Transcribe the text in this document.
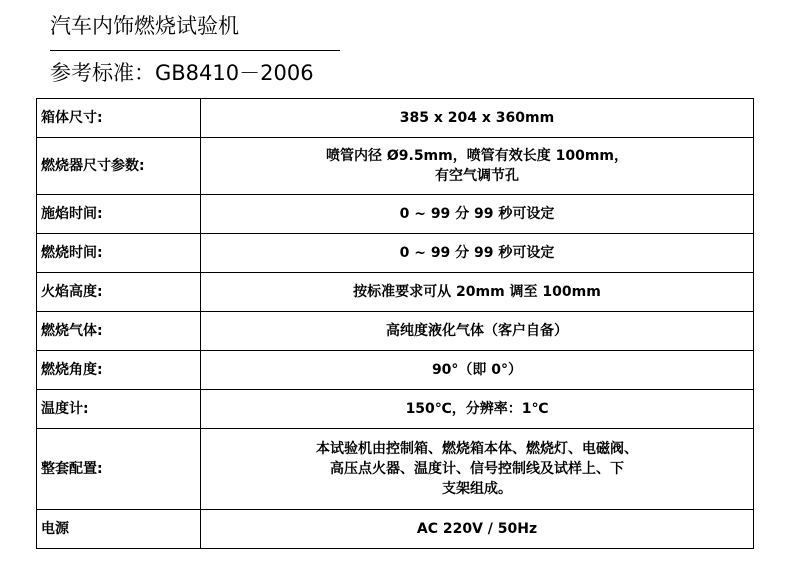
汽车内饰燃烧试验机
参考标准：GB8410－2006
箱体尺寸:	385 x 204 x 360mm

燃烧器尺寸参数:	喷管内径 Ø9.5mm，喷管有效长度 100mm，
有空气调节孔

施焰时间:	0 ~ 99 分 99 秒可设定

燃烧时间:	0 ~ 99 分 99 秒可设定

火焰高度:	按标准要求可从 20mm 调至 100mm

燃烧气体:	高纯度液化气体（客户自备）

燃烧角度:	90°（即 0°）

温度计:	150℃，分辨率：1℃

整套配置:	本试验机由控制箱、燃烧箱本体、燃烧灯、电磁阀、
高压点火器、温度计、信号控制线及试样上、下
支架组成。

电源	AC 220V / 50Hz
